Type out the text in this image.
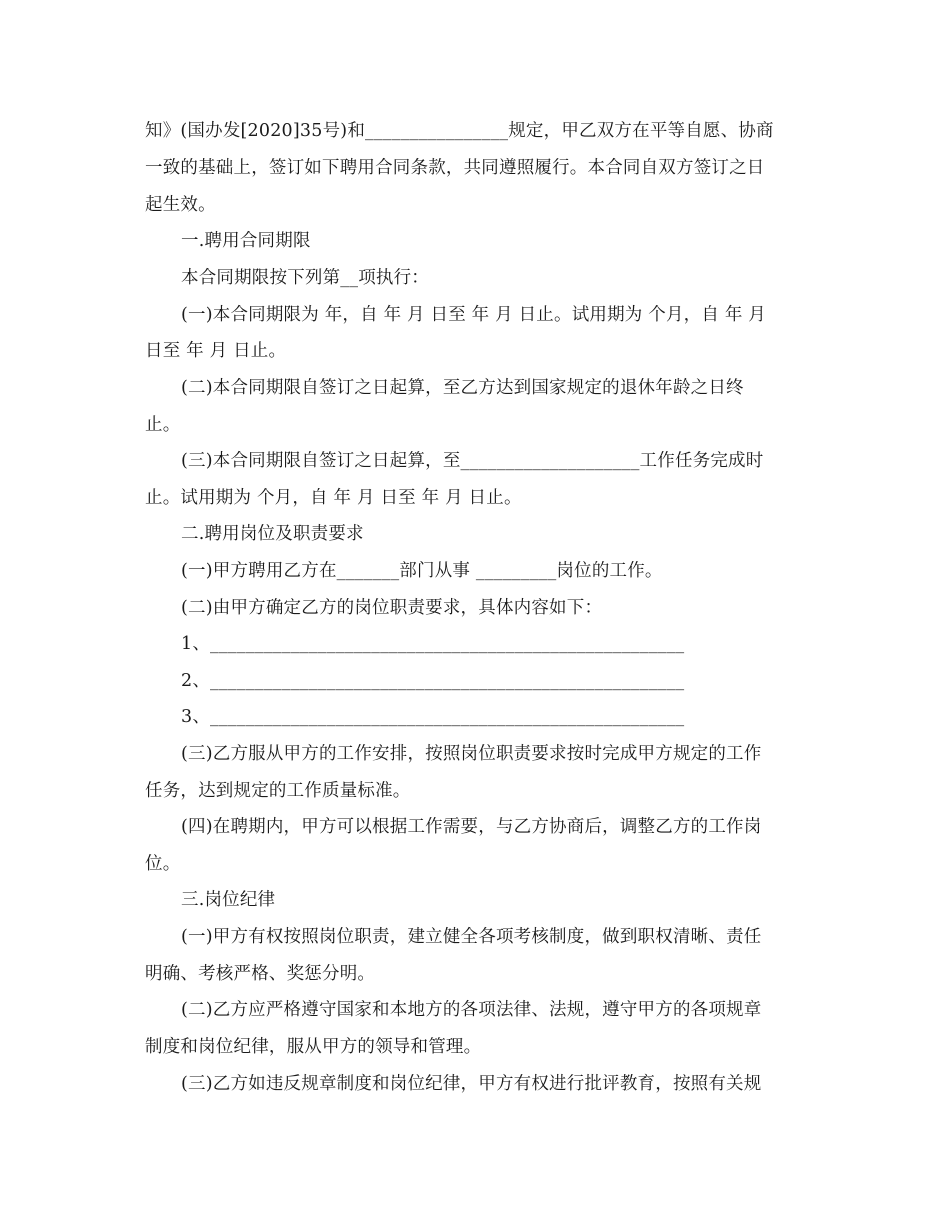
知》(国办发[2020]35号)和________________规定，甲乙双方在平等自愿、协商
一致的基础上，签订如下聘用合同条款，共同遵照履行。本合同自双方签订之日
起生效。
一.聘用合同期限
本合同期限按下列第__项执行：
(一)本合同期限为 年，自 年 月 日至 年 月 日止。试用期为 个月，自 年 月
日至 年 月 日止。
(二)本合同期限自签订之日起算，至乙方达到国家规定的退休年龄之日终
止。
(三)本合同期限自签订之日起算，至____________________工作任务完成时
止。试用期为 个月，自 年 月 日至 年 月 日止。
二.聘用岗位及职责要求
(一)甲方聘用乙方在_______部门从事 _________岗位的工作。
(二)由甲方确定乙方的岗位职责要求，具体内容如下：
1、_____________________________________________________
2、_____________________________________________________
3、_____________________________________________________
(三)乙方服从甲方的工作安排，按照岗位职责要求按时完成甲方规定的工作
任务，达到规定的工作质量标准。
(四)在聘期内，甲方可以根据工作需要，与乙方协商后，调整乙方的工作岗
位。
三.岗位纪律
(一)甲方有权按照岗位职责，建立健全各项考核制度，做到职权清晰、责任
明确、考核严格、奖惩分明。
(二)乙方应严格遵守国家和本地方的各项法律、法规，遵守甲方的各项规章
制度和岗位纪律，服从甲方的领导和管理。
(三)乙方如违反规章制度和岗位纪律，甲方有权进行批评教育，按照有关规
